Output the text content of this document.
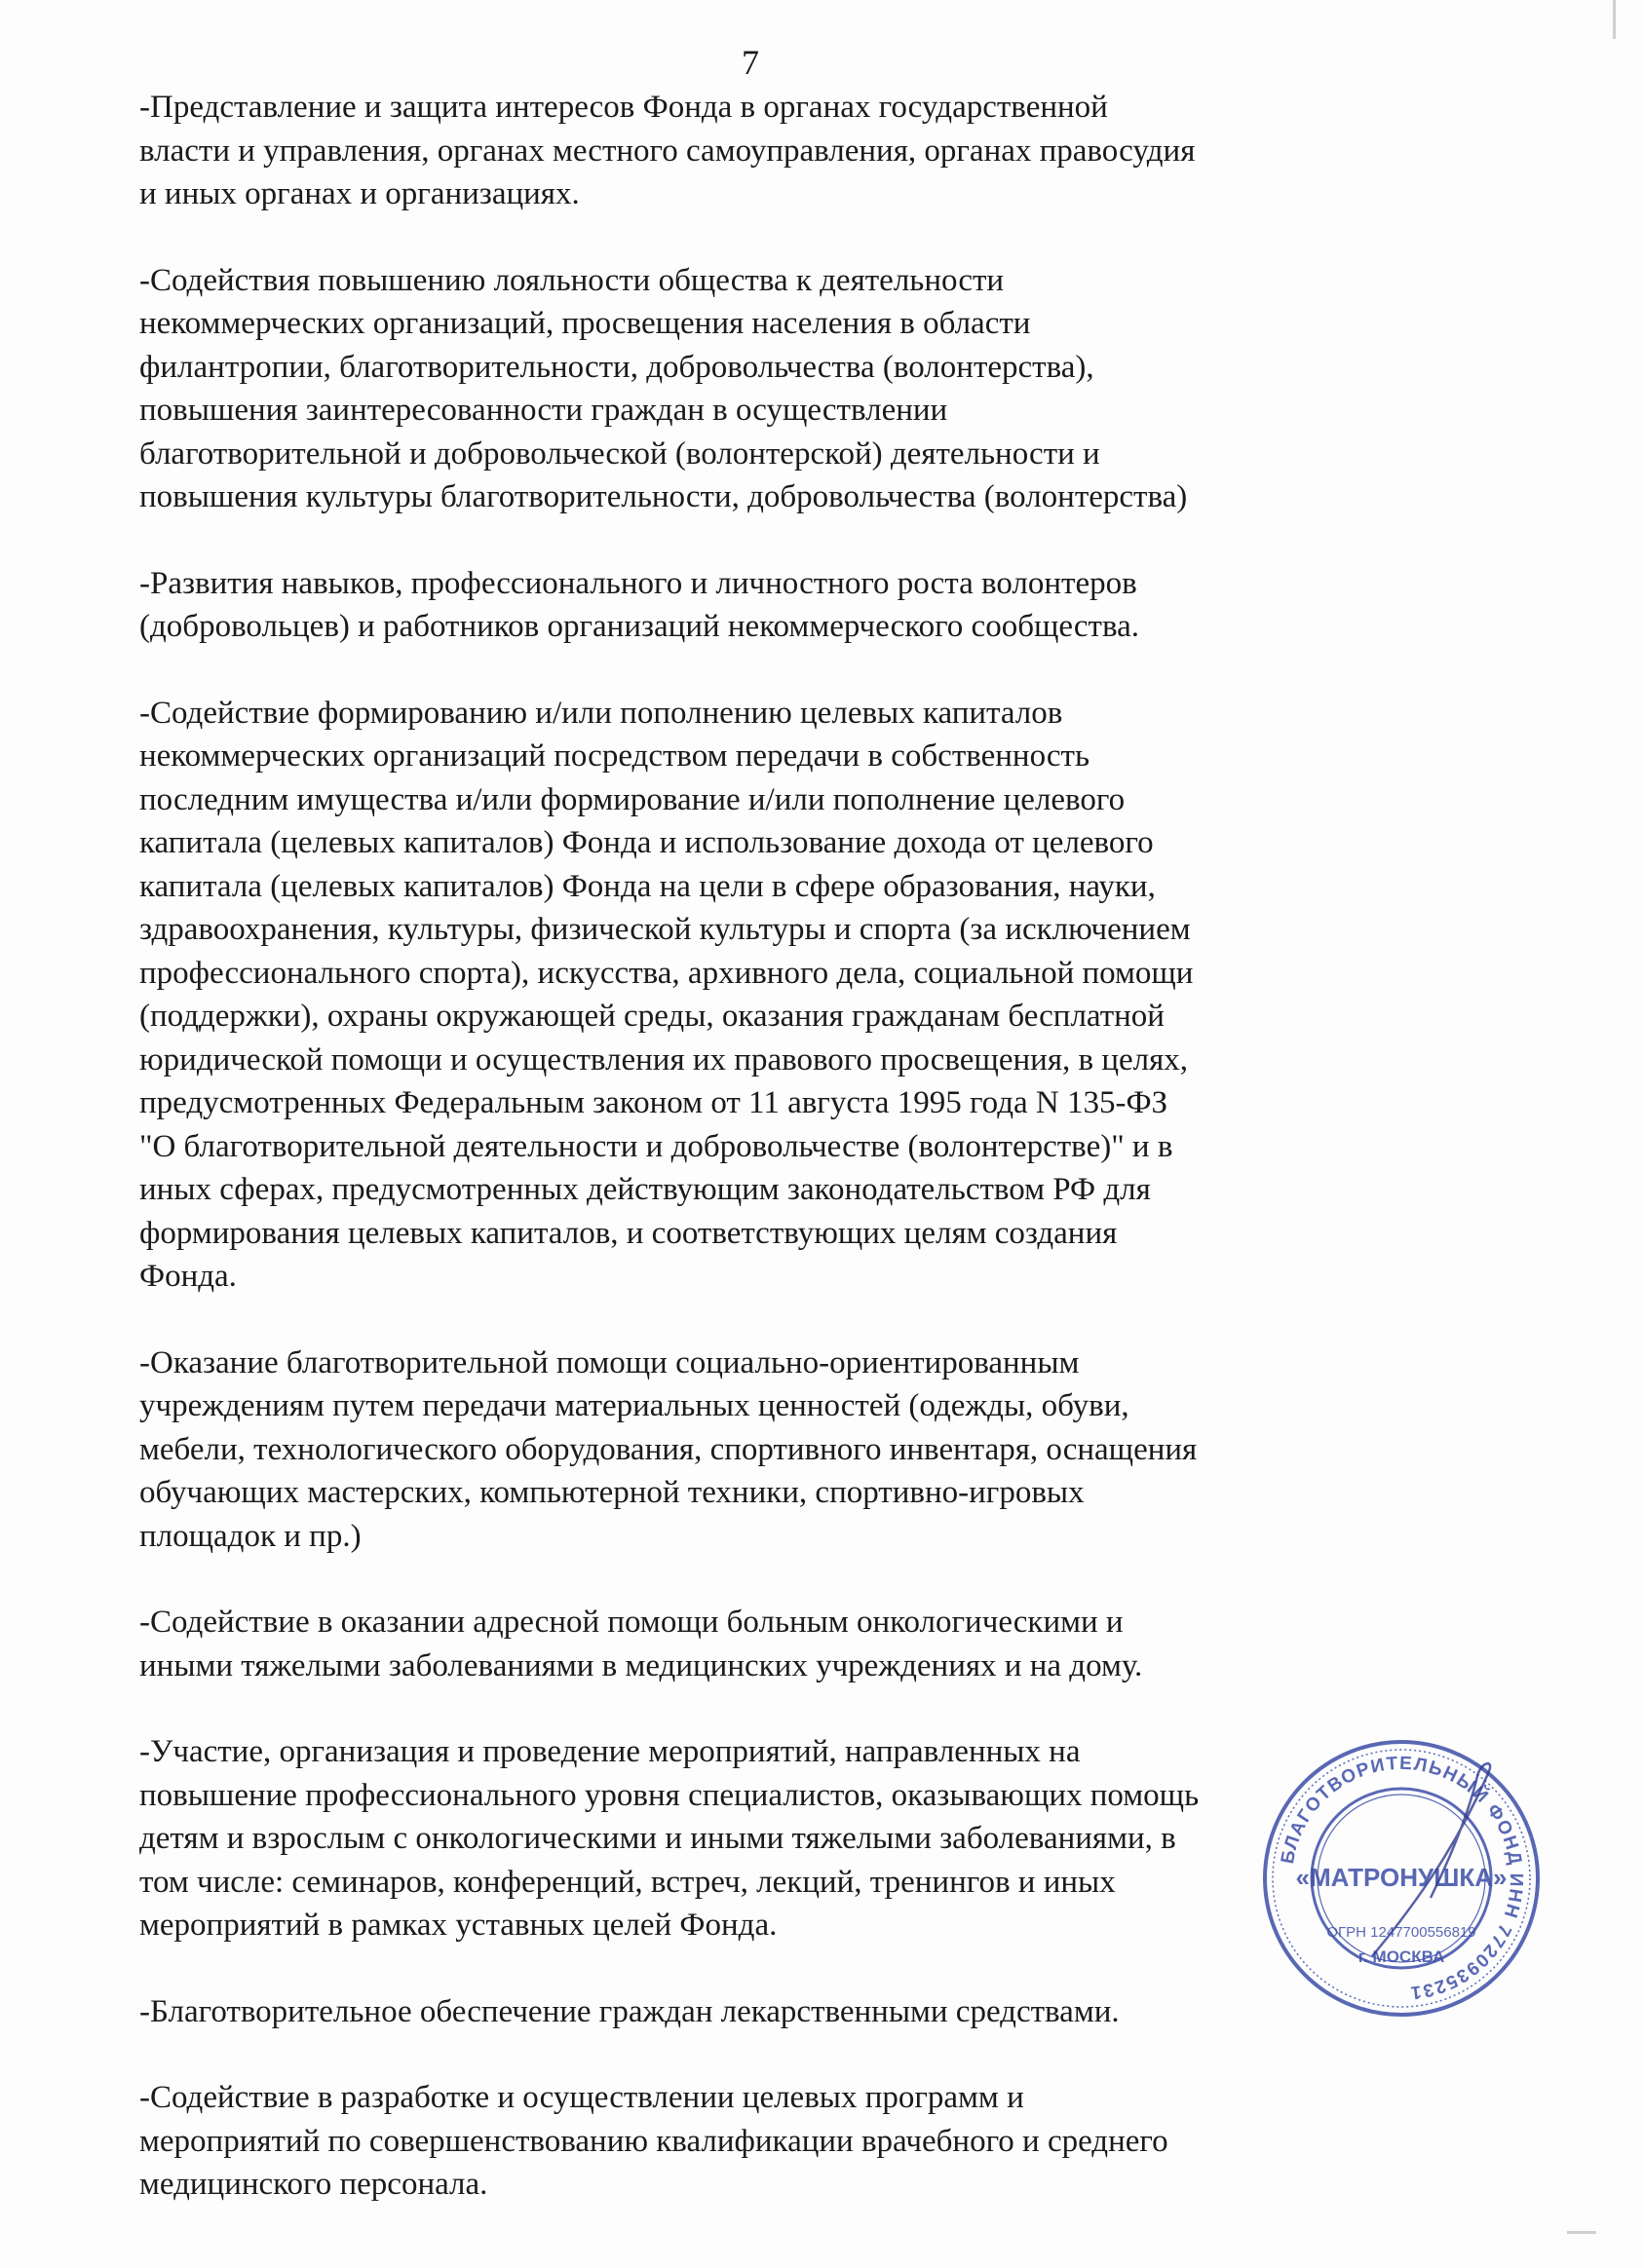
7

-Представление и защита интересов Фонда в органах государственной
власти и управления, органах местного самоуправления, органах правосудия
и иных органах и организациях.

-Содействия повышению лояльности общества к деятельности
некоммерческих организаций, просвещения населения в области
филантропии, благотворительности, добровольчества (волонтерства),
повышения заинтересованности граждан в осуществлении
благотворительной и добровольческой (волонтерской) деятельности и
повышения культуры благотворительности, добровольчества (волонтерства)

-Развития навыков, профессионального и личностного роста волонтеров
(добровольцев) и работников организаций некоммерческого сообщества.

-Содействие формированию и/или пополнению целевых капиталов
некоммерческих организаций посредством передачи в собственность
последним имущества и/или формирование и/или пополнение целевого
капитала (целевых капиталов) Фонда и использование дохода от целевого
капитала (целевых капиталов) Фонда на цели в сфере образования, науки,
здравоохранения, культуры, физической культуры и спорта (за исключением
профессионального спорта), искусства, архивного дела, социальной помощи
(поддержки), охраны окружающей среды, оказания гражданам бесплатной
юридической помощи и осуществления их правового просвещения, в целях,
предусмотренных Федеральным законом от 11 августа 1995 года N 135-ФЗ
"О благотворительной деятельности и добровольчестве (волонтерстве)" и в
иных сферах, предусмотренных действующим законодательством РФ для
формирования целевых капиталов, и соответствующих целям создания
Фонда.

-Оказание благотворительной помощи социально-ориентированным
учреждениям путем передачи материальных ценностей (одежды, обуви,
мебели, технологического оборудования, спортивного инвентаря, оснащения
обучающих мастерских, компьютерной техники, спортивно-игровых
площадок и пр.)

-Содействие в оказании адресной помощи больным онкологическими и
иными тяжелыми заболеваниями в медицинских учреждениях и на дому.

-Участие, организация и проведение мероприятий, направленных на
повышение профессионального уровня специалистов, оказывающих помощь
детям и взрослым с онкологическими и иными тяжелыми заболеваниями, в
том числе: семинаров, конференций, встреч, лекций, тренингов и иных
мероприятий в рамках уставных целей Фонда.

-Благотворительное обеспечение граждан лекарственными средствами.

-Содействие в разработке и осуществлении целевых программ и
мероприятий по совершенствованию квалификации врачебного и среднего
медицинского персонала.

БЛАГОТВОРИТЕЛЬНЫЙ ФОНД ИНН 7720935231
«МАТРОНУШКА»
ОГРН 1247700556819
г. МОСКВА
